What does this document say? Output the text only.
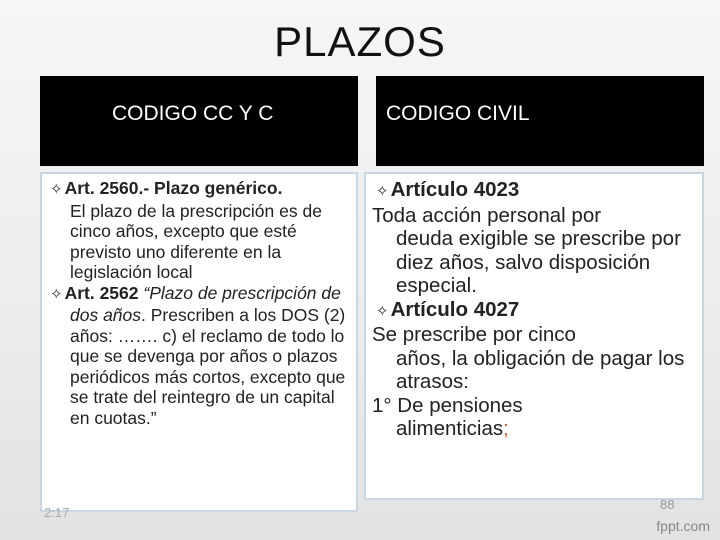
PLAZOS
CODIGO CC Y C	CODIGO CIVIL

✧ Art. 2560.- Plazo genérico.

El plazo de la prescripción es de cinco años, excepto que esté previsto uno diferente en la legislación local

✧ Art. 2562 “Plazo de prescripción de dos años. Prescriben a los DOS (2) años: ……. c) el reclamo de todo lo que se devenga por años o plazos periódicos más cortos, excepto que se trate del reintegro de un capital en cuotas.”

✧Artículo 4023

Toda acción personal por

deuda exigible se prescribe por diez años, salvo disposición especial.

✧Artículo 4027

Se prescribe por cinco

años, la obligación de pagar los atrasos:

1° De pensiones

alimenticias;

2:17
88
fppt.com
